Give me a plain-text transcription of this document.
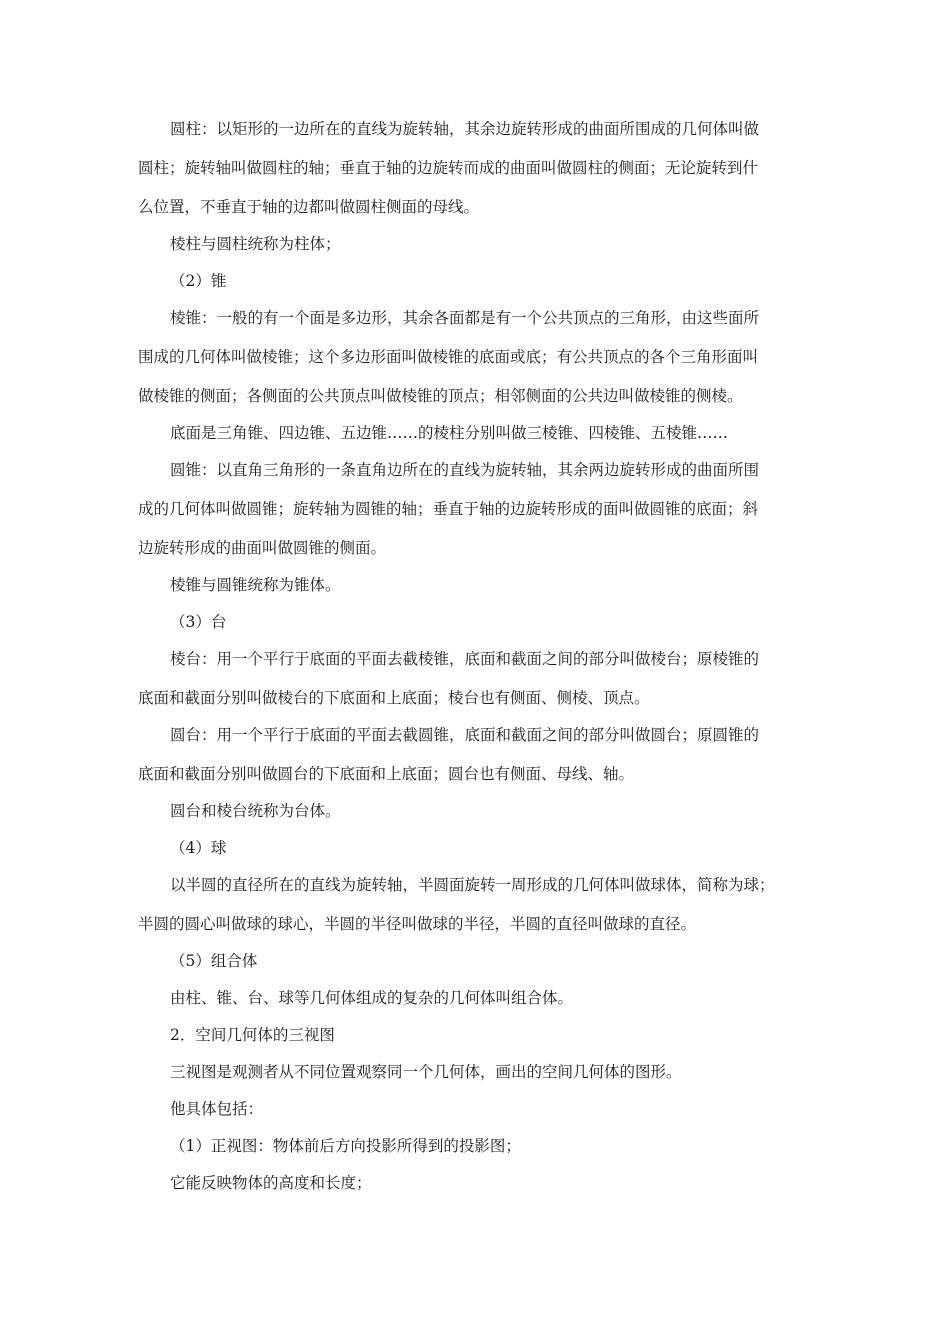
圆柱：以矩形的一边所在的直线为旋转轴，其余边旋转形成的曲面所围成的几何体叫做
圆柱；旋转轴叫做圆柱的轴；垂直于轴的边旋转而成的曲面叫做圆柱的侧面；无论旋转到什
么位置，不垂直于轴的边都叫做圆柱侧面的母线。
棱柱与圆柱统称为柱体；
（2）锥
棱锥：一般的有一个面是多边形，其余各面都是有一个公共顶点的三角形，由这些面所
围成的几何体叫做棱锥；这个多边形面叫做棱锥的底面或底；有公共顶点的各个三角形面叫
做棱锥的侧面；各侧面的公共顶点叫做棱锥的顶点；相邻侧面的公共边叫做棱锥的侧棱。
底面是三角锥、四边锥、五边锥……的棱柱分别叫做三棱锥、四棱锥、五棱锥……
圆锥：以直角三角形的一条直角边所在的直线为旋转轴，其余两边旋转形成的曲面所围
成的几何体叫做圆锥；旋转轴为圆锥的轴；垂直于轴的边旋转形成的面叫做圆锥的底面；斜
边旋转形成的曲面叫做圆锥的侧面。
棱锥与圆锥统称为锥体。
（3）台
棱台：用一个平行于底面的平面去截棱锥，底面和截面之间的部分叫做棱台；原棱锥的
底面和截面分别叫做棱台的下底面和上底面；棱台也有侧面、侧棱、顶点。
圆台：用一个平行于底面的平面去截圆锥，底面和截面之间的部分叫做圆台；原圆锥的
底面和截面分别叫做圆台的下底面和上底面；圆台也有侧面、母线、轴。
圆台和棱台统称为台体。
（4）球
以半圆的直径所在的直线为旋转轴，半圆面旋转一周形成的几何体叫做球体，简称为球；
半圆的圆心叫做球的球心，半圆的半径叫做球的半径，半圆的直径叫做球的直径。
（5）组合体
由柱、锥、台、球等几何体组成的复杂的几何体叫组合体。
2．空间几何体的三视图
三视图是观测者从不同位置观察同一个几何体，画出的空间几何体的图形。
他具体包括：
（1）正视图：物体前后方向投影所得到的投影图；
它能反映物体的高度和长度；
